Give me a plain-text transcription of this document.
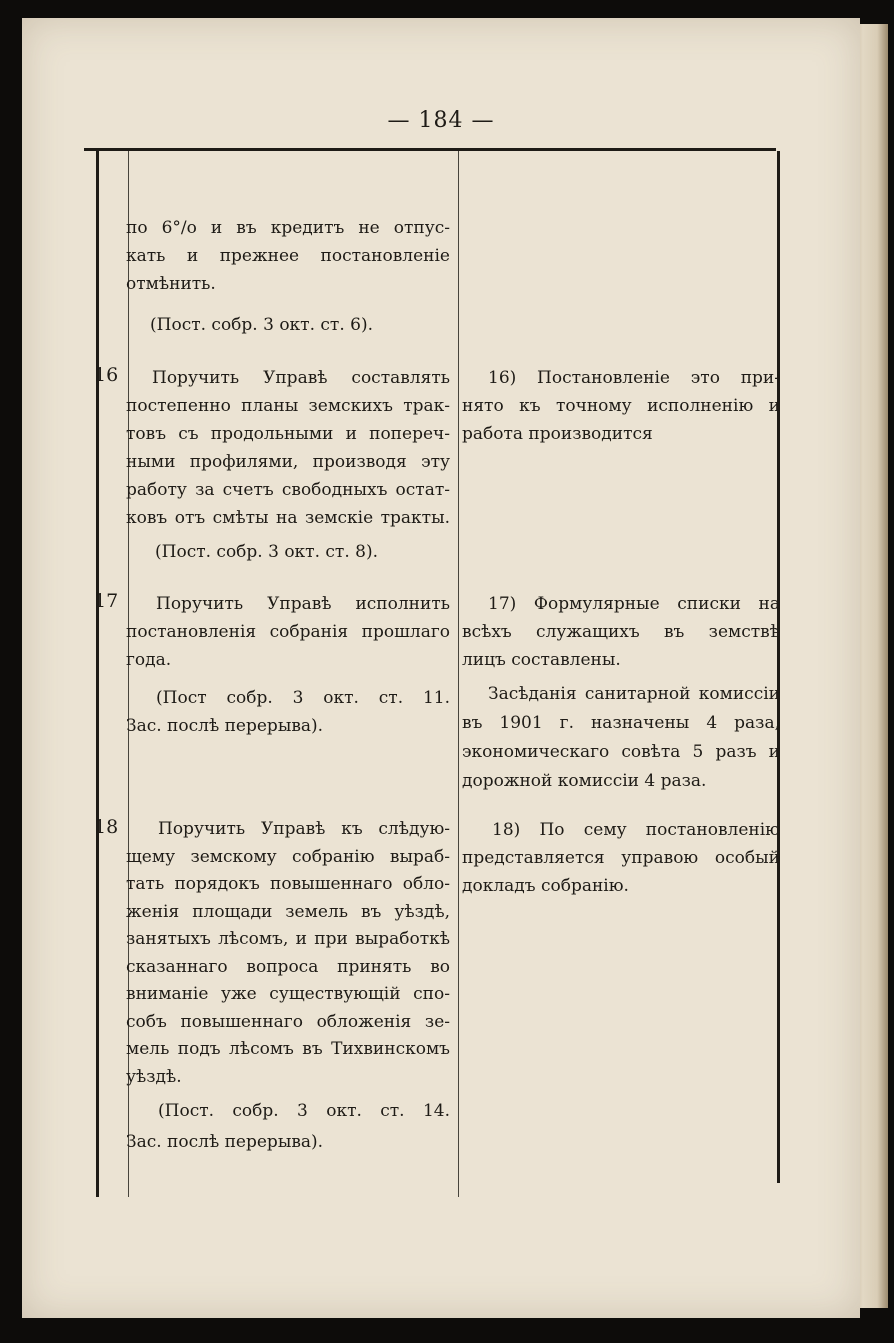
— 184 —
по 6°/о и въ кредитъ не отпус-
кать и прежнее постановленіе
отмѣнить.
(Пост. собр. 3 окт. ст. 6).
16	Поручить Управѣ составлять
постепенно планы земскихъ трак-
товъ съ продольными и попереч-
ными профилями, производя эту
работу за счетъ свободныхъ остат-
ковъ отъ смѣты на земскіе тракты.
(Пост. собр. 3 окт. ст. 8).
16) Постановленіе это при-
нято къ точному исполненію и
работа производится
17	Поручить Управѣ исполнить
постановленія собранія прошлаго
года.
(Пост собр. 3 окт. ст. 11.
Зас. послѣ перерыва).
17) Формулярные списки на
всѣхъ служащихъ въ земствѣ
лицъ составлены.
Засѣданія санитарной комиссіи
въ 1901 г. назначены 4 раза,
экономическаго совѣта 5 разъ и
дорожной комиссіи 4 раза.
18	Поручить Управѣ къ слѣдую-
щему земскому собранію выраб-
тать порядокъ повышеннаго обло-
женія площади земель въ уѣздѣ,
занятыхъ лѣсомъ, и при выработкѣ
сказаннаго вопроса принять во
вниманіе уже существующій спо-
собъ повышеннаго обложенія зе-
мель подъ лѣсомъ въ Тихвинскомъ
уѣздѣ.
(Пост. собр. 3 окт. ст. 14.
Зас. послѣ перерыва).
18) По сему постановленію
представляется управою особый
докладъ собранію.
